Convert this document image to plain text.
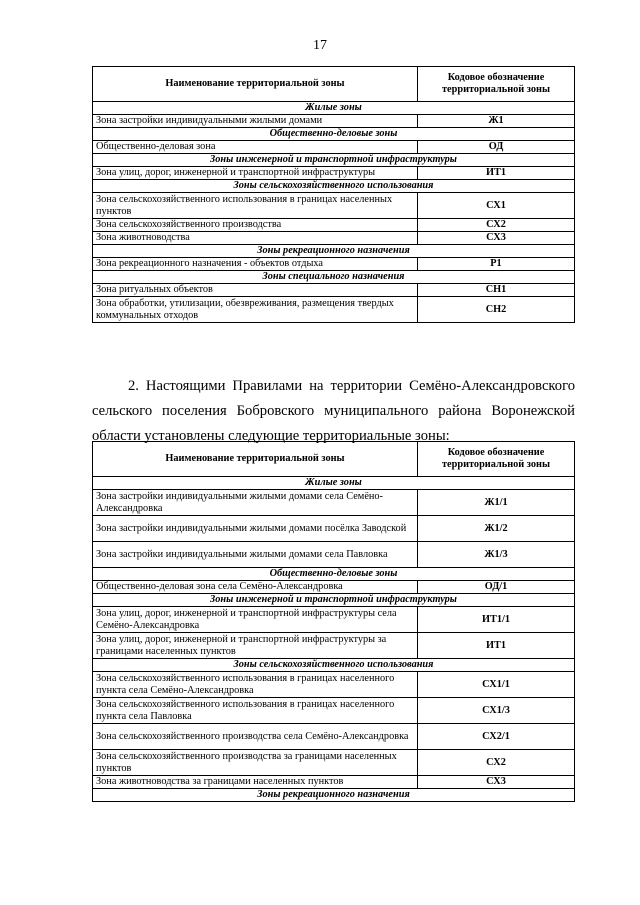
17
Наименование территориальной зоны	Кодовое обозначение территориальной зоны
Жилые зоны	
Зона застройки индивидуальными жилыми домами	Ж1
Общественно-деловые зоны	
Общественно-деловая зона	ОД
Зоны инженерной и транспортной инфраструктуры	
Зона улиц, дорог, инженерной и транспортной инфраструктуры	ИТ1
Зоны сельскохозяйственного использования	
Зона сельскохозяйственного использования в границах населенных пунктов	СХ1
Зона сельскохозяйственного производства	СХ2
Зона животноводства	СХ3
Зоны рекреационного назначения	
Зона рекреационного назначения - объектов отдыха	Р1
Зоны специального назначения	
Зона ритуальных объектов	СН1
Зона обработки, утилизации, обезвреживания, размещения твердых коммунальных отходов	СН2

2. Настоящими Правилами на территории Семёно-Александровского сельского поселения Бобровского муниципального района Воронежской области установлены следующие территориальные зоны:

Наименование территориальной зоны	Кодовое обозначение территориальной зоны
Жилые зоны	
Зона застройки индивидуальными жилыми домами села Семёно-Александровка	Ж1/1
Зона застройки индивидуальными жилыми домами посёлка Заводской	Ж1/2
Зона застройки индивидуальными жилыми домами села Павловка	Ж1/3
Общественно-деловые зоны	
Общественно-деловая зона села Семёно-Александровка	ОД/1
Зоны инженерной и транспортной инфраструктуры	
Зона улиц, дорог, инженерной и транспортной инфраструктуры села Семёно-Александровка	ИТ1/1
Зона улиц, дорог, инженерной и транспортной инфраструктуры за границами населенных пунктов	ИТ1
Зоны сельскохозяйственного использования	
Зона сельскохозяйственного использования в границах населенного пункта села Семёно-Александровка	СХ1/1
Зона сельскохозяйственного использования в границах населенного пункта села Павловка	СХ1/3
Зона сельскохозяйственного производства села Семёно-Александровка	СХ2/1
Зона сельскохозяйственного производства за границами населенных пунктов	СХ2
Зона животноводства за границами населенных пунктов	СХ3
Зоны рекреационного назначения	
